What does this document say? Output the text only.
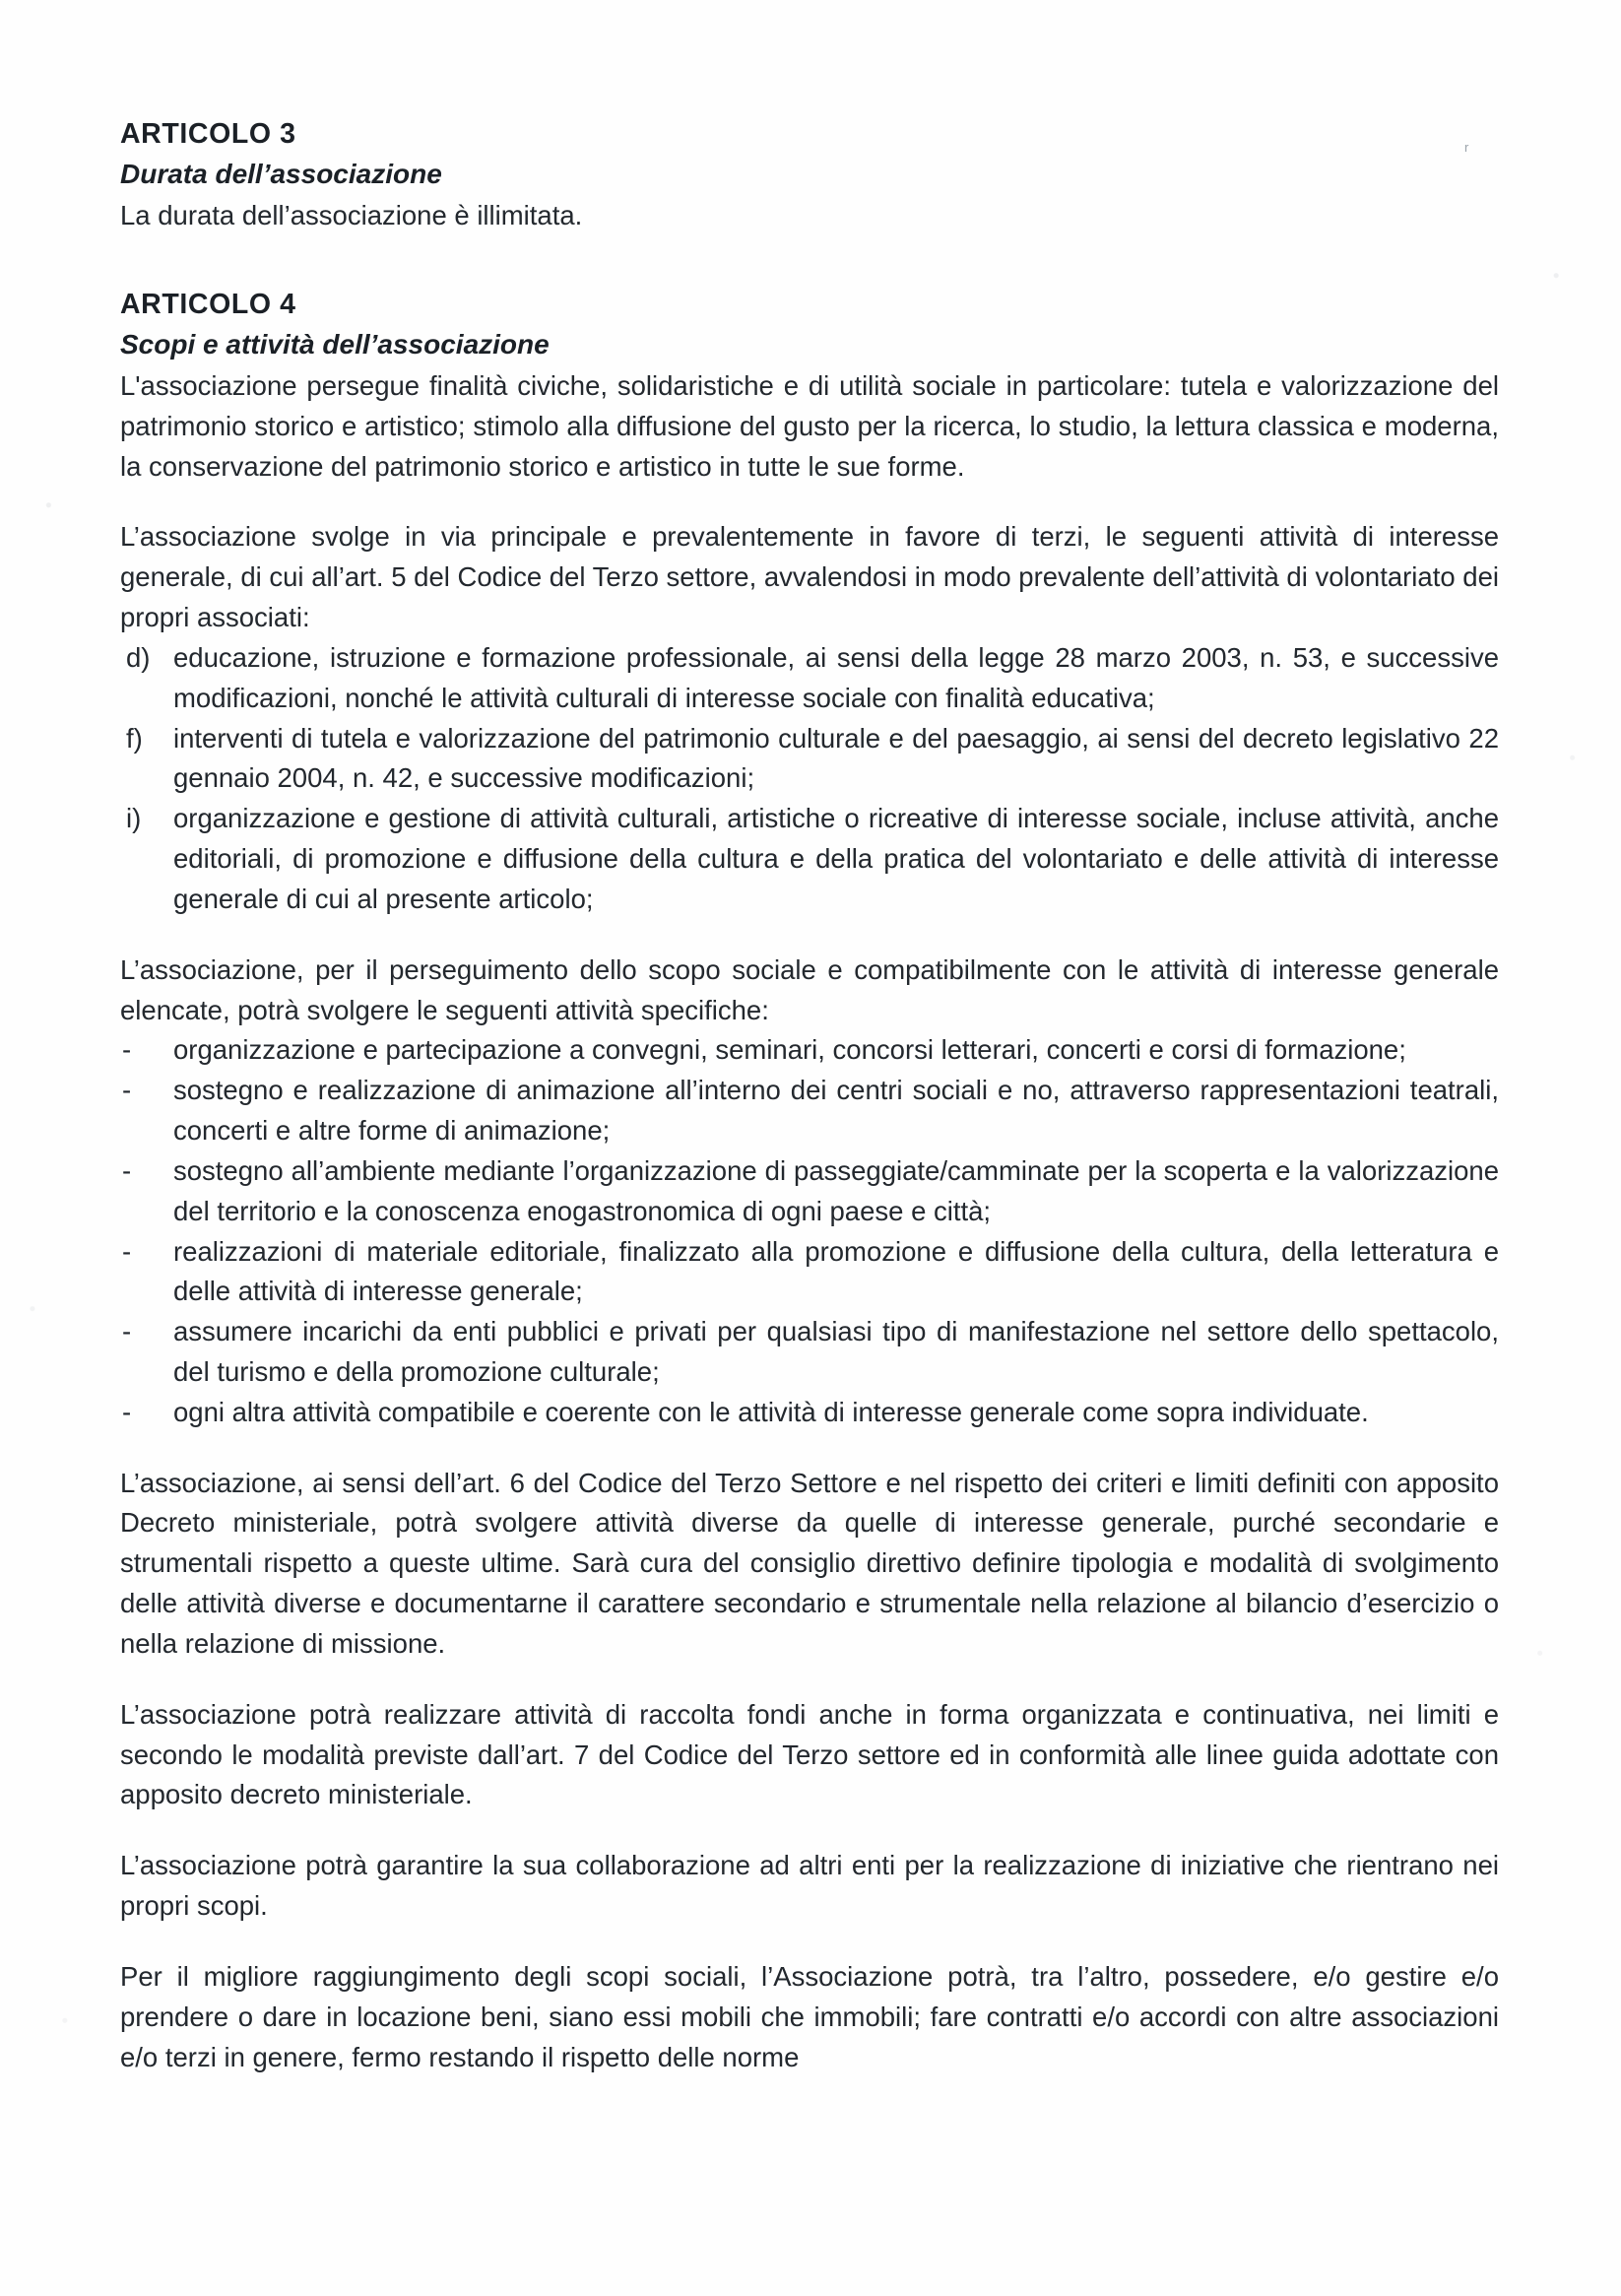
r
ARTICOLO 3
Durata dell’associazione

La durata dell’associazione è illimitata.

ARTICOLO 4
Scopi e attività dell’associazione

L'associazione persegue finalità civiche, solidaristiche e di utilità sociale in particolare: tutela e valorizzazione del patrimonio storico e artistico; stimolo alla diffusione del gusto per la ricerca, lo studio, la lettura classica e moderna, la conservazione del patrimonio storico e artistico in tutte le sue forme.

L’associazione svolge in via principale e prevalentemente in favore di terzi, le seguenti attività di interesse generale, di cui all’art. 5 del Codice del Terzo settore, avvalendosi in modo prevalente dell’attività di volontariato dei propri associati:

d) educazione, istruzione e formazione professionale, ai sensi della legge 28 marzo 2003, n. 53, e successive modificazioni, nonché le attività culturali di interesse sociale con finalità educativa;
f)	interventi di tutela e valorizzazione del patrimonio culturale e del paesaggio, ai sensi del decreto legislativo 22 gennaio 2004, n. 42, e successive modificazioni;
i)	organizzazione e gestione di attività culturali, artistiche o ricreative di interesse sociale, incluse attività, anche editoriali, di promozione e diffusione della cultura e della pratica del volontariato e delle attività di interesse generale di cui al presente articolo;

L’associazione, per il perseguimento dello scopo sociale e compatibilmente con le attività di interesse generale elencate, potrà svolgere le seguenti attività specifiche:

-	organizzazione e partecipazione a convegni, seminari, concorsi letterari, concerti e corsi di formazione;
-	sostegno e realizzazione di animazione all’interno dei centri sociali e no, attraverso rappresentazioni teatrali, concerti e altre forme di animazione;
-	sostegno all’ambiente mediante l’organizzazione di passeggiate/camminate per la scoperta e la valorizzazione del territorio e la conoscenza enogastronomica di ogni paese e città;
-	realizzazioni di materiale editoriale, finalizzato alla promozione e diffusione della cultura, della letteratura e delle attività di interesse generale;
-	assumere incarichi da enti pubblici e privati per qualsiasi tipo di manifestazione nel settore dello spettacolo, del turismo e della promozione culturale;
-	ogni altra attività compatibile e coerente con le attività di interesse generale come sopra individuate.

L’associazione, ai sensi dell’art. 6 del Codice del Terzo Settore e nel rispetto dei criteri e limiti definiti con apposito Decreto ministeriale, potrà svolgere attività diverse da quelle di interesse generale, purché secondarie e strumentali rispetto a queste ultime. Sarà cura del consiglio direttivo definire tipologia e modalità di svolgimento delle attività diverse e documentarne il carattere secondario e strumentale nella relazione al bilancio d’esercizio o nella relazione di missione.

L’associazione potrà realizzare attività di raccolta fondi anche in forma organizzata e continuativa, nei limiti e secondo le modalità previste dall’art. 7 del Codice del Terzo settore ed in conformità alle linee guida adottate con apposito decreto ministeriale.

L’associazione potrà garantire la sua collaborazione ad altri enti per la realizzazione di iniziative che rientrano nei propri scopi.

Per il migliore raggiungimento degli scopi sociali, l’Associazione potrà, tra l’altro, possedere, e/o gestire e/o prendere o dare in locazione beni, siano essi mobili che immobili; fare contratti e/o accordi con altre associazioni e/o terzi in genere, fermo restando il rispetto delle norme
